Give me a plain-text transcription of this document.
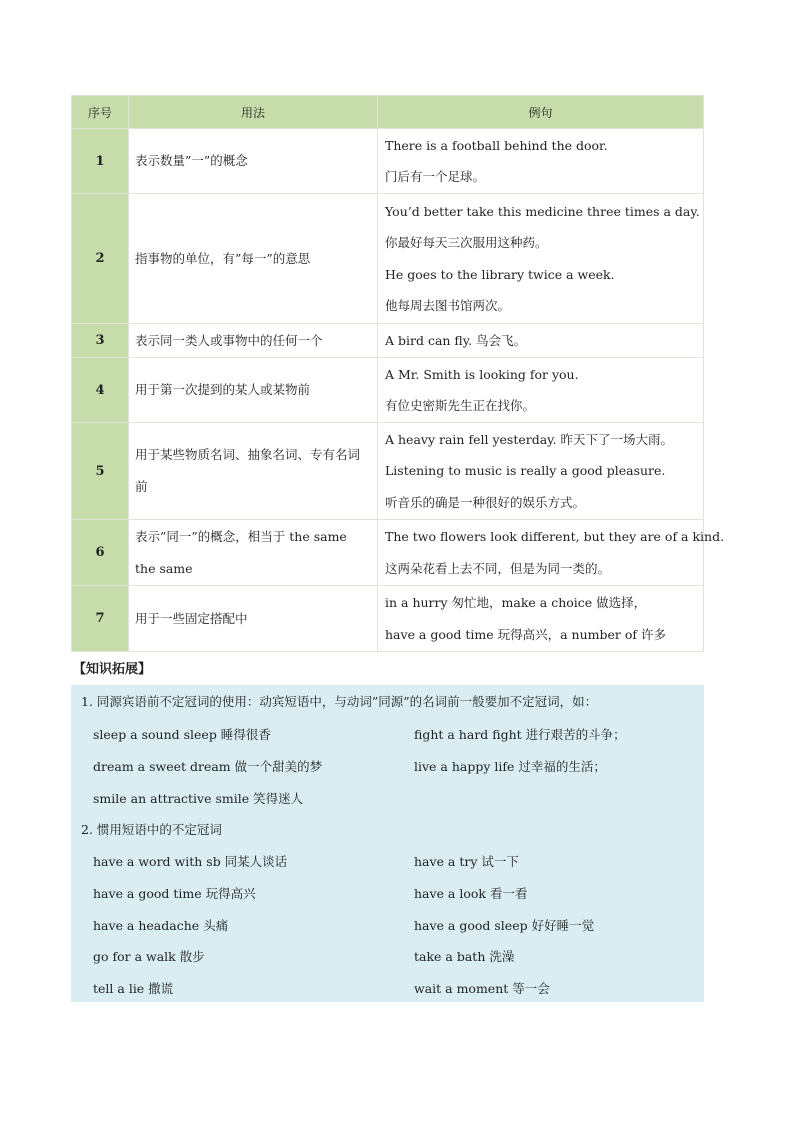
序号	用法	例句
1	表示数量”一”的概念	There is a football behind the door.
门后有一个足球。

2	指事物的单位，有”每一”的意思	You’d better take this medicine three times a day.
你最好每天三次服用这种药。
He goes to the library twice a week.
他每周去图书馆两次。

3	表示同一类人或事物中的任何一个	A bird can fly. 鸟会飞。

4	用于第一次提到的某人或某物前	A Mr. Smith is looking for you.
有位史密斯先生正在找你。

5	用于某些物质名词、抽象名词、专有名词前	A heavy rain fell yesterday. 昨天下了一场大雨。
Listening to music is really a good pleasure.
听音乐的确是一种很好的娱乐方式。

6	表示”同一”的概念，相当于 the same the same	The two flowers look different, but they are of a kind.
这两朵花看上去不同，但是为同一类的。

7	用于一些固定搭配中	in a hurry 匆忙地，make a choice 做选择，
have a good time 玩得高兴，a number of 许多
【知识拓展】
1. 同源宾语前不定冠词的使用：动宾短语中，与动词”同源”的名词前一般要加不定冠词，如：
sleep a sound sleep 睡得很香	fight a hard fight 进行艰苦的斗争；
dream a sweet dream 做一个甜美的梦	live a happy life 过幸福的生活；
smile an attractive smile 笑得迷人
2. 惯用短语中的不定冠词
have a word with sb 同某人谈话	have a try 试一下
have a good time 玩得高兴	have a look 看一看
have a headache 头痛	have a good sleep 好好睡一觉
go for a walk 散步	take a bath 洗澡
tell a lie 撒谎	wait a moment 等一会
